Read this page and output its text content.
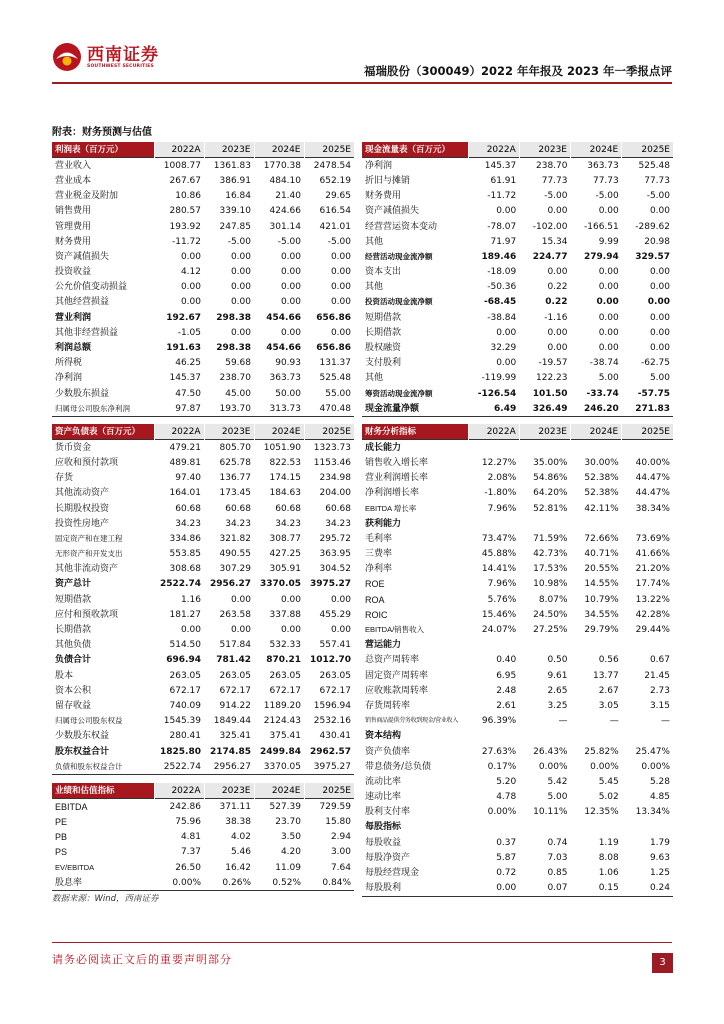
西南证券
SOUTHWEST SECURITIES	福瑞股份（300049）2022 年年报及 2023 年一季报点评
附表：财务预测与估值
利润表（百万元）	2022A	2023E	2024E	2025E
营业收入	1008.77	1361.83	1770.38	2478.54
营业成本	267.67	386.91	484.10	652.19
营业税金及附加	10.86	16.84	21.40	29.65
销售费用	280.57	339.10	424.66	616.54
管理费用	193.92	247.85	301.14	421.01
财务费用	-11.72	-5.00	-5.00	-5.00
资产减值损失	0.00	0.00	0.00	0.00
投资收益	4.12	0.00	0.00	0.00
公允价值变动损益	0.00	0.00	0.00	0.00
其他经营损益	0.00	0.00	0.00	0.00
营业利润	192.67	298.38	454.66	656.86
其他非经营损益	-1.05	0.00	0.00	0.00
利润总额	191.63	298.38	454.66	656.86
所得税	46.25	59.68	90.93	131.37
净利润	145.37	238.70	363.73	525.48
少数股东损益	47.50	45.00	50.00	55.00
归属母公司股东净利润	97.87	193.70	313.73	470.48
现金流量表（百万元）	2022A	2023E	2024E	2025E
净利润	145.37	238.70	363.73	525.48
折旧与摊销	61.91	77.73	77.73	77.73
财务费用	-11.72	-5.00	-5.00	-5.00
资产减值损失	0.00	0.00	0.00	0.00
经营营运资本变动	-78.07	-102.00	-166.51	-289.62
其他	71.97	15.34	9.99	20.98
经营活动现金流净额	189.46	224.77	279.94	329.57
资本支出	-18.09	0.00	0.00	0.00
其他	-50.36	0.22	0.00	0.00
投资活动现金流净额	-68.45	0.22	0.00	0.00
短期借款	-38.84	-1.16	0.00	0.00
长期借款	0.00	0.00	0.00	0.00
股权融资	32.29	0.00	0.00	0.00
支付股利	0.00	-19.57	-38.74	-62.75
其他	-119.99	122.23	5.00	5.00
筹资活动现金流净额	-126.54	101.50	-33.74	-57.75
现金流量净额	6.49	326.49	246.20	271.83
资产负债表（百万元）	2022A	2023E	2024E	2025E
货币资金	479.21	805.70	1051.90	1323.73
应收和预付款项	489.81	625.78	822.53	1153.46
存货	97.40	136.77	174.15	234.98
其他流动资产	164.01	173.45	184.63	204.00
长期股权投资	60.68	60.68	60.68	60.68
投资性房地产	34.23	34.23	34.23	34.23
固定资产和在建工程	334.86	321.82	308.77	295.72
无形资产和开发支出	553.85	490.55	427.25	363.95
其他非流动资产	308.68	307.29	305.91	304.52
资产总计	2522.74	2956.27	3370.05	3975.27
短期借款	1.16	0.00	0.00	0.00
应付和预收款项	181.27	263.58	337.88	455.29
长期借款	0.00	0.00	0.00	0.00
其他负债	514.50	517.84	532.33	557.41
负债合计	696.94	781.42	870.21	1012.70
股本	263.05	263.05	263.05	263.05
资本公积	672.17	672.17	672.17	672.17
留存收益	740.09	914.22	1189.20	1596.94
归属母公司股东权益	1545.39	1849.44	2124.43	2532.16
少数股东权益	280.41	325.41	375.41	430.41
股东权益合计	1825.80	2174.85	2499.84	2962.57
负债和股东权益合计	2522.74	2956.27	3370.05	3975.27
财务分析指标	2022A	2023E	2024E	2025E
成长能力				
销售收入增长率	12.27%	35.00%	30.00%	40.00%
营业利润增长率	2.08%	54.86%	52.38%	44.47%
净利润增长率	-1.80%	64.20%	52.38%	44.47%
EBITDA 增长率	7.96%	52.81%	42.11%	38.34%
获利能力				
毛利率	73.47%	71.59%	72.66%	73.69%
三费率	45.88%	42.73%	40.71%	41.66%
净利率	14.41%	17.53%	20.55%	21.20%
ROE	7.96%	10.98%	14.55%	17.74%
ROA	5.76%	8.07%	10.79%	13.22%
ROIC	15.46%	24.50%	34.55%	42.28%
EBITDA/销售收入	24.07%	27.25%	29.79%	29.44%
营运能力				
总资产周转率	0.40	0.50	0.56	0.67
固定资产周转率	6.95	9.61	13.77	21.45
应收账款周转率	2.48	2.65	2.67	2.73
存货周转率	2.61	3.25	3.05	3.15
销售商品提供劳务收到现金/营业收入	96.39%	—	—	—
资本结构				
资产负债率	27.63%	26.43%	25.82%	25.47%
带息债务/总负债	0.17%	0.00%	0.00%	0.00%
流动比率	5.20	5.42	5.45	5.28
速动比率	4.78	5.00	5.02	4.85
股利支付率	0.00%	10.11%	12.35%	13.34%
每股指标				
每股收益	0.37	0.74	1.19	1.79
每股净资产	5.87	7.03	8.08	9.63
每股经营现金	0.72	0.85	1.06	1.25
每股股利	0.00	0.07	0.15	0.24
业绩和估值指标	2022A	2023E	2024E	2025E
EBITDA	242.86	371.11	527.39	729.59
PE	75.96	38.38	23.70	15.80
PB	4.81	4.02	3.50	2.94
PS	7.37	5.46	4.20	3.00
EV/EBITDA	26.50	16.42	11.09	7.64
股息率	0.00%	0.26%	0.52%	0.84%
数据来源：Wind，西南证券
请务必阅读正文后的重要声明部分	3
